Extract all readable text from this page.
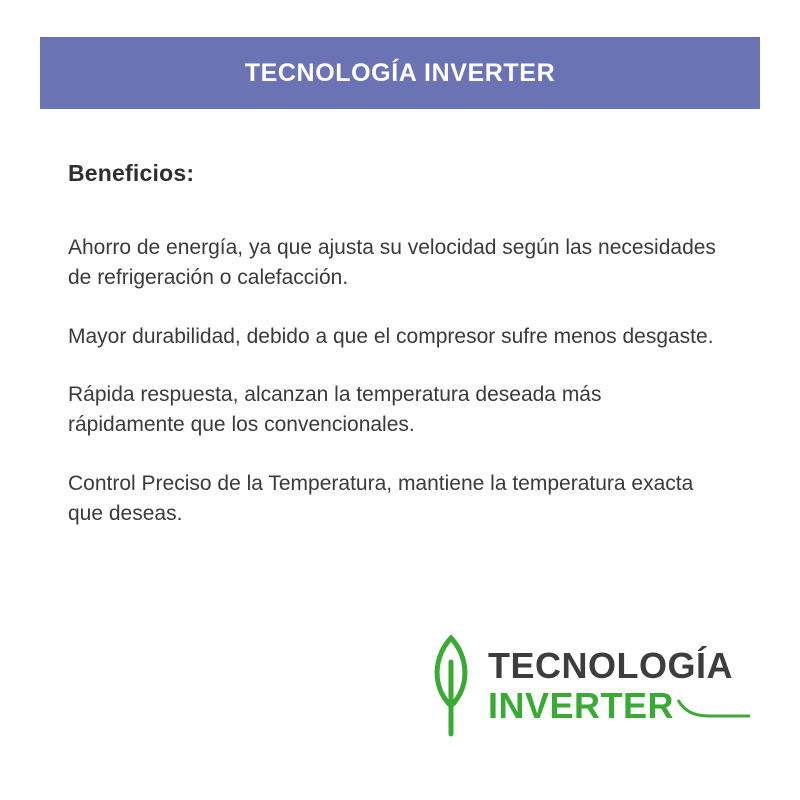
TECNOLOGÍA INVERTER
Beneficios:

Ahorro de energía, ya que ajusta su velocidad según las necesidades de refrigeración o calefacción.

Mayor durabilidad, debido a que el compresor sufre menos desgaste.

Rápida respuesta, alcanzan la temperatura deseada más rápidamente que los convencionales.

Control Preciso de la Temperatura, mantiene la temperatura exacta que deseas.

TECNOLOGÍA
INVERTER
